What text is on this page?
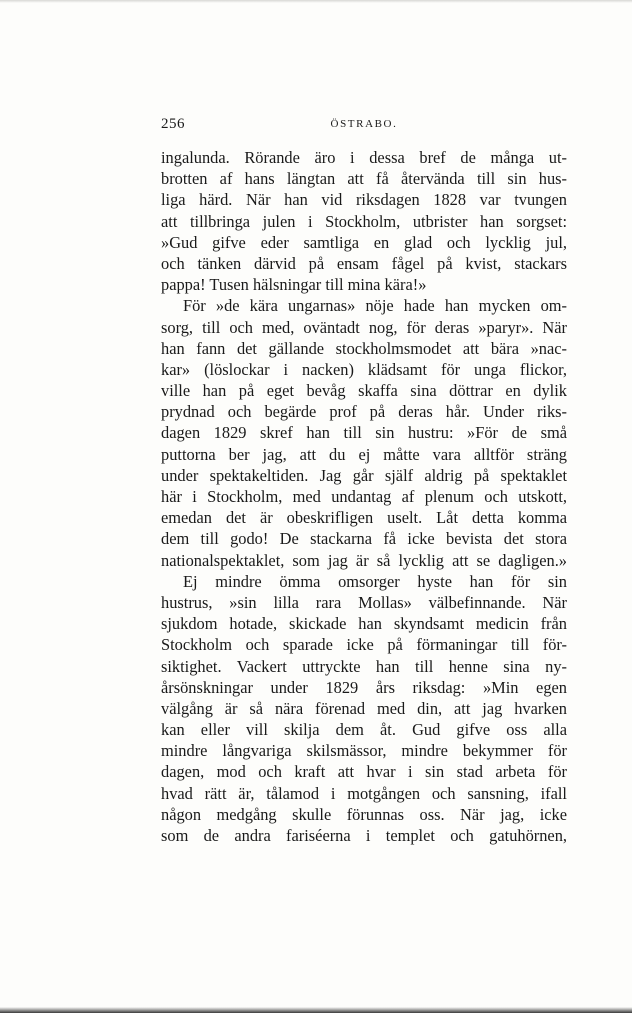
256	ÖSTRABO.
ingalunda. Rörande äro i dessa bref de många ut-
brotten af hans längtan att få återvända till sin hus-
liga härd. När han vid riksdagen 1828 var tvungen
att tillbringa julen i Stockholm, utbrister han sorgset:
»Gud gifve eder samtliga en glad och lycklig jul,
och tänken därvid på ensam fågel på kvist, stackars
pappa! Tusen hälsningar till mina kära!»
För »de kära ungarnas» nöje hade han mycken om-
sorg, till och med, oväntadt nog, för deras »paryr». När
han fann det gällande stockholmsmodet att bära »nac-
kar» (löslockar i nacken) klädsamt för unga flickor,
ville han på eget bevåg skaffa sina döttrar en dylik
prydnad och begärde prof på deras hår. Under riks-
dagen 1829 skref han till sin hustru: »För de små
puttorna ber jag, att du ej måtte vara alltför sträng
under spektakeltiden. Jag går själf aldrig på spektaklet
här i Stockholm, med undantag af plenum och utskott,
emedan det är obeskrifligen uselt. Låt detta komma
dem till godo! De stackarna få icke bevista det stora
nationalspektaklet, som jag är så lycklig att se dagligen.»
Ej mindre ömma omsorger hyste han för sin
hustrus, »sin lilla rara Mollas» välbefinnande. När
sjukdom hotade, skickade han skyndsamt medicin från
Stockholm och sparade icke på förmaningar till för-
siktighet. Vackert uttryckte han till henne sina ny-
årsönskningar under 1829 års riksdag: »Min egen
välgång är så nära förenad med din, att jag hvarken
kan eller vill skilja dem åt. Gud gifve oss alla
mindre långvariga skilsmässor, mindre bekymmer för
dagen, mod och kraft att hvar i sin stad arbeta för
hvad rätt är, tålamod i motgången och sansning, ifall
någon medgång skulle förunnas oss. När jag, icke
som de andra fariséerna i templet och gatuhörnen,
